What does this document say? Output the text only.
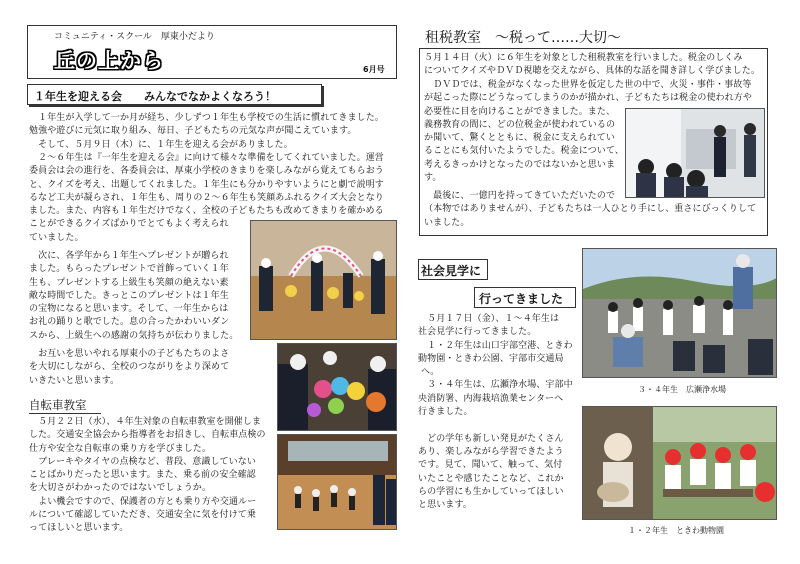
コミュニティ・スクール　厚東小だより
丘の上から	6月号
１年生を迎える会　　みんなでなかよくなろう！
　１年生が入学して一か月が経ち、少しずつ１年生も学校での生活に慣れてきました。
勉強や遊びに元気に取り組み、毎日、子どもたちの元気な声が聞こえています。
　そして、５月９日（木）に、１年生を迎える会がありました。
　２～６年生は『一年生を迎える会』に向けて様々な準備をしてくれていました。運営
委員会は会の進行を、各委員会は、厚東小学校のきまりを楽しみながら覚えてもらおう
と、クイズを考え、出題してくれました。１年生にも分かりやすいようにと劇で説明す
るなど工夫が凝らされ、１年生も、周りの２～６年生も笑顔あふれるクイズ大会となり
ました。また、内容も１年生だけでなく、全校の子どもたちも改めてきまりを確かめる
ことができるクイズばかりでとてもよく考えられ
ていました。
　次に、各学年から１年生へプレゼントが贈られ
ました。もらったプレゼントで首飾っていく１年
生も、プレゼントする上級生も笑顔の絶えない素
敵な時間でした。きっとこのプレゼントは１年生
の宝物になると思います。そして、一年生からは
お礼の踊りと歌でした。息の合ったかわいいダン
スから、上級生への感謝の気持ちが伝わりました。
　お互いを思いやれる厚東小の子どもたちのよさ
を大切にしながら、全校のつながりをより深めて
いきたいと思います。
自転車教室
　５月２２日（水）、４年生対象の自転車教室を開催しま
した。交通安全協会から指導者をお招きし、自転車点検の
仕方や安全な自転車の乗り方を学びました。
　ブレーキやタイヤの点検など、普段、意識していない
ことばかりだったと思います。また、乗る前の安全確認
を大切さがわかったのではないでしょうか。
　よい機会ですので、保護者の方とも乗り方や交通ルー
ルについて確認していただき、交通安全に気を付けて乗
ってほしいと思います。
租税教室　～税って……大切～
５月１４日（火）に６年生を対象とした租税教室を行いました。税金のしくみ
についてクイズやＤＶＤ視聴を交えながら、具体的な話を聞き詳しく学びました。
　ＤＶＤでは、税金がなくなった世界を仮定した世の中で、火災・事件・事故等
が起こった際にどうなってしまうのかが描かれ、子どもたちは税金の使われ方や
必要性に目を向けることができました。また、
義務教育の間に、どの位税金が使われているの
か聞いて、驚くとともに、税金に支えられてい
ることにも気付いたようでした。税金について、
考えるきっかけとなったのではないかと思いま
す。
　最後に、一億円を持ってきていただいたので
（本物ではありませんが）、子どもたちは一人ひとり手にし、重さにびっくりして
いました。
社会見学に
行ってきました
　５月１７日（金）、１～４年生は
社会見学に行ってきました。
　１・２年生は山口宇部空港、ときわ
動物園・ときわ公園、宇部市交通局
へ。
　３・４年生は、広瀬浄水場、宇部中
央消防署、内海栽培漁業センターへ
行きました。

　どの学年も新しい発見がたくさん
あり、楽しみながら学習できたよう
です。見て、聞いて、触って、気付
いたことや感じたことなど、これか
らの学習にも生かしていってほしい
と思います。
３・４年生　広瀬浄水場
１・２年生　ときわ動物園
